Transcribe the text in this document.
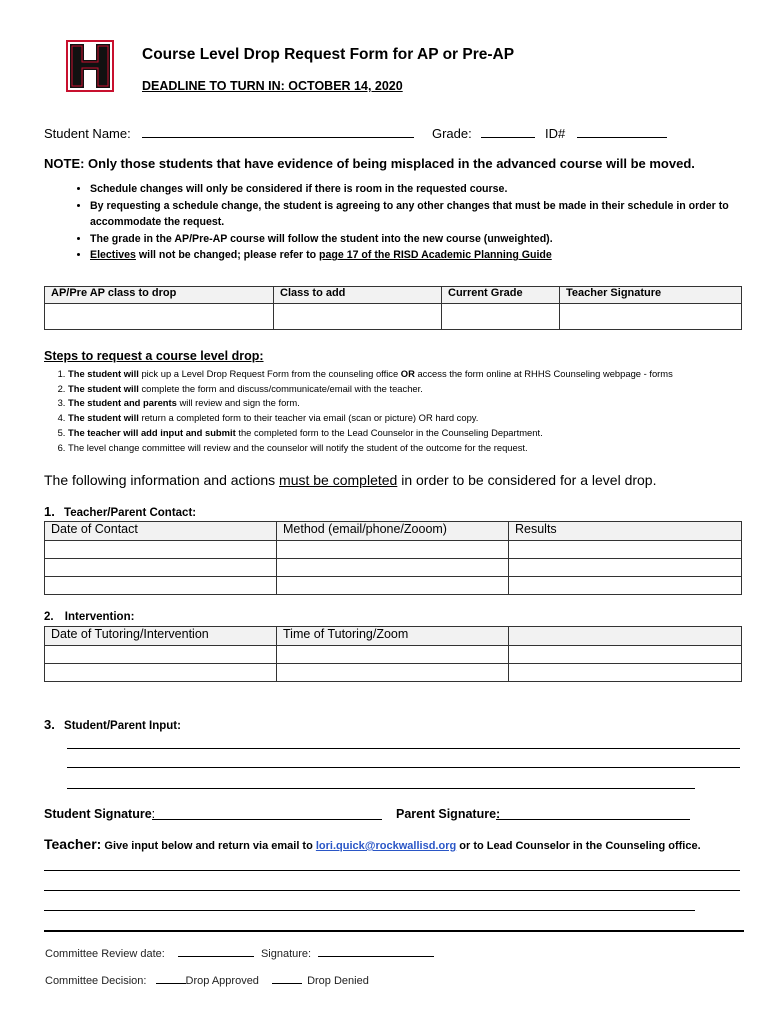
Course Level Drop Request Form for AP or Pre-AP
DEADLINE TO TURN IN: OCTOBER 14, 2020
Student Name:	Grade:	ID#
NOTE: Only those students that have evidence of being misplaced in the advanced course will be moved.
• Schedule changes will only be considered if there is room in the requested course.
• By requesting a schedule change, the student is agreeing to any other changes that must be made in their schedule in order to accommodate the request.
• The grade in the AP/Pre-AP course will follow the student into the new course (unweighted).
• Electives will not be changed; please refer to page 17 of the RISD Academic Planning Guide
AP/Pre AP class to drop	Class to add	Current Grade	Teacher Signature

Steps to request a course level drop:
1. The student will pick up a Level Drop Request Form from the counseling office OR access the form online at RHHS Counseling webpage - forms
2. The student will complete the form and discuss/communicate/email with the teacher.
3. The student and parents will review and sign the form.
4. The student will return a completed form to their teacher via email (scan or picture) OR hard copy.
5. The teacher will add input and submit the completed form to the Lead Counselor in the Counseling Department.
6. The level change committee will review and the counselor will notify the student of the outcome for the request.
The following information and actions must be completed in order to be considered for a level drop.
1. Teacher/Parent Contact:
Date of Contact	Method (email/phone/Zooom)	Results

2. Intervention:
Date of Tutoring/Intervention	Time of Tutoring/Zoom	

3. Student/Parent Input:
Student Signature:	Parent Signature:
Teacher: Give input below and return via email to lori.quick@rockwallisd.org or to Lead Counselor in the Counseling office.
Committee Review date:	Signature:
Committee Decision:	Drop Approved	Drop Denied
